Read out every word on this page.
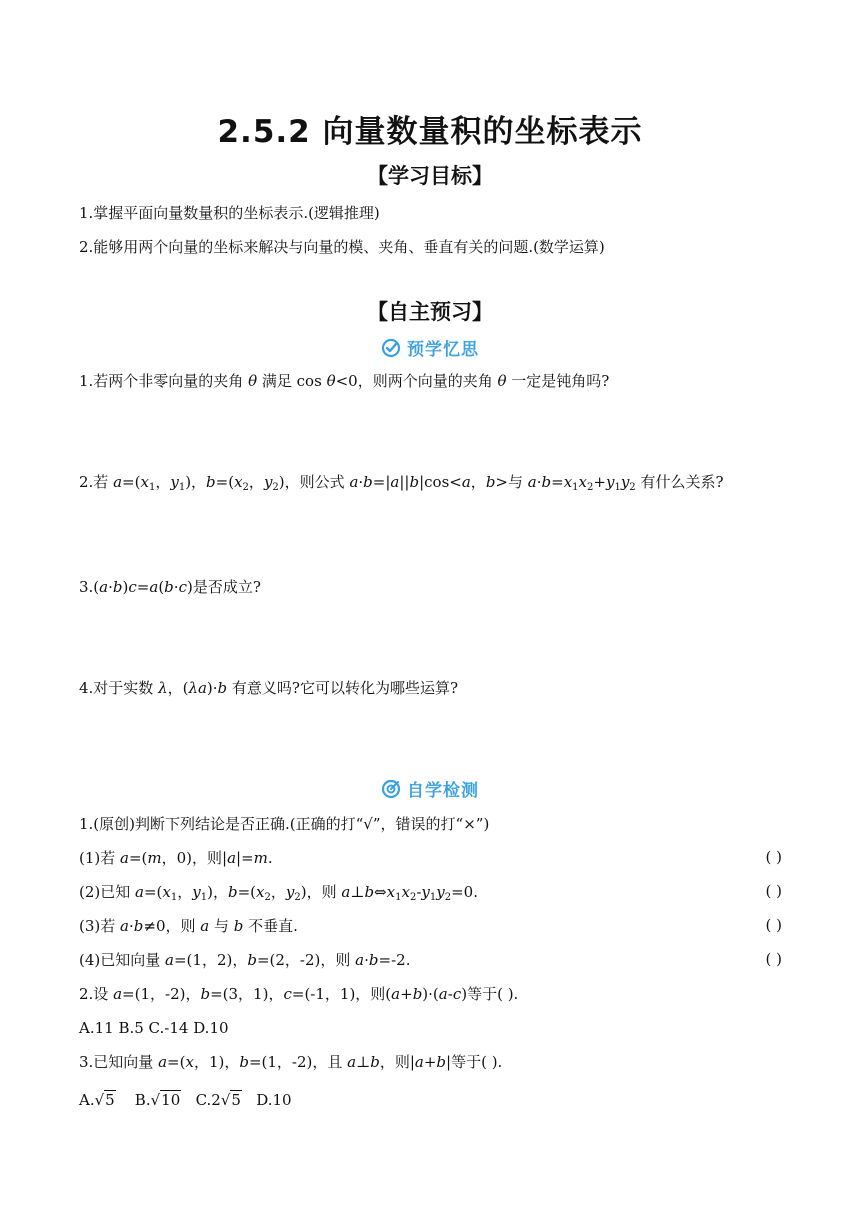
2.5.2 向量数量积的坐标表示
【学习目标】
1.掌握平面向量数量积的坐标表示.(逻辑推理)
2.能够用两个向量的坐标来解决与向量的模、夹角、垂直有关的问题.(数学运算)
【自主预习】
预学忆思
1.若两个非零向量的夹角 θ 满足 cos θ<0，则两个向量的夹角 θ 一定是钝角吗?
2.若 $a=(x_1$，$y_1$)，$b=(x_2$，$y_2$)，则公式 a·b=|a||b|cos<a，b>与 $a\cdot b=x_1x_2+y_1y_2$ 有什么关系?
3.(a·b)c=a(b·c)是否成立?
4.对于实数 λ，(λa)·b 有意义吗?它可以转化为哪些运算?
自学检测
1.(原创)判断下列结论是否正确.(正确的打“√”，错误的打“×”)
(1)若 a=(m，0)，则|a|=m.	( )
(2)已知 $a=(x_1$，$y_1$)，$b=(x_2$，$y_2$)，则 $a\perp b\Leftrightarrow x_1x_2-y_1y_2=0$.	( )
(3)若 a·b≠0，则 a 与 b 不垂直.	( )
(4)已知向量 a=(1，2)，b=(2，-2)，则 a·b=-2.	( )
2.设 a=(1，-2)，b=(3，1)，c=(-1，1)，则(a+b)·(a-c)等于( ).
A.11 B.5 C.-14 D.10
3.已知向量 a=(x，1)，b=(1，-2)，且 a⊥b，则|a+b|等于( ).
A.√5 B.√10 C.2√5 D.10
